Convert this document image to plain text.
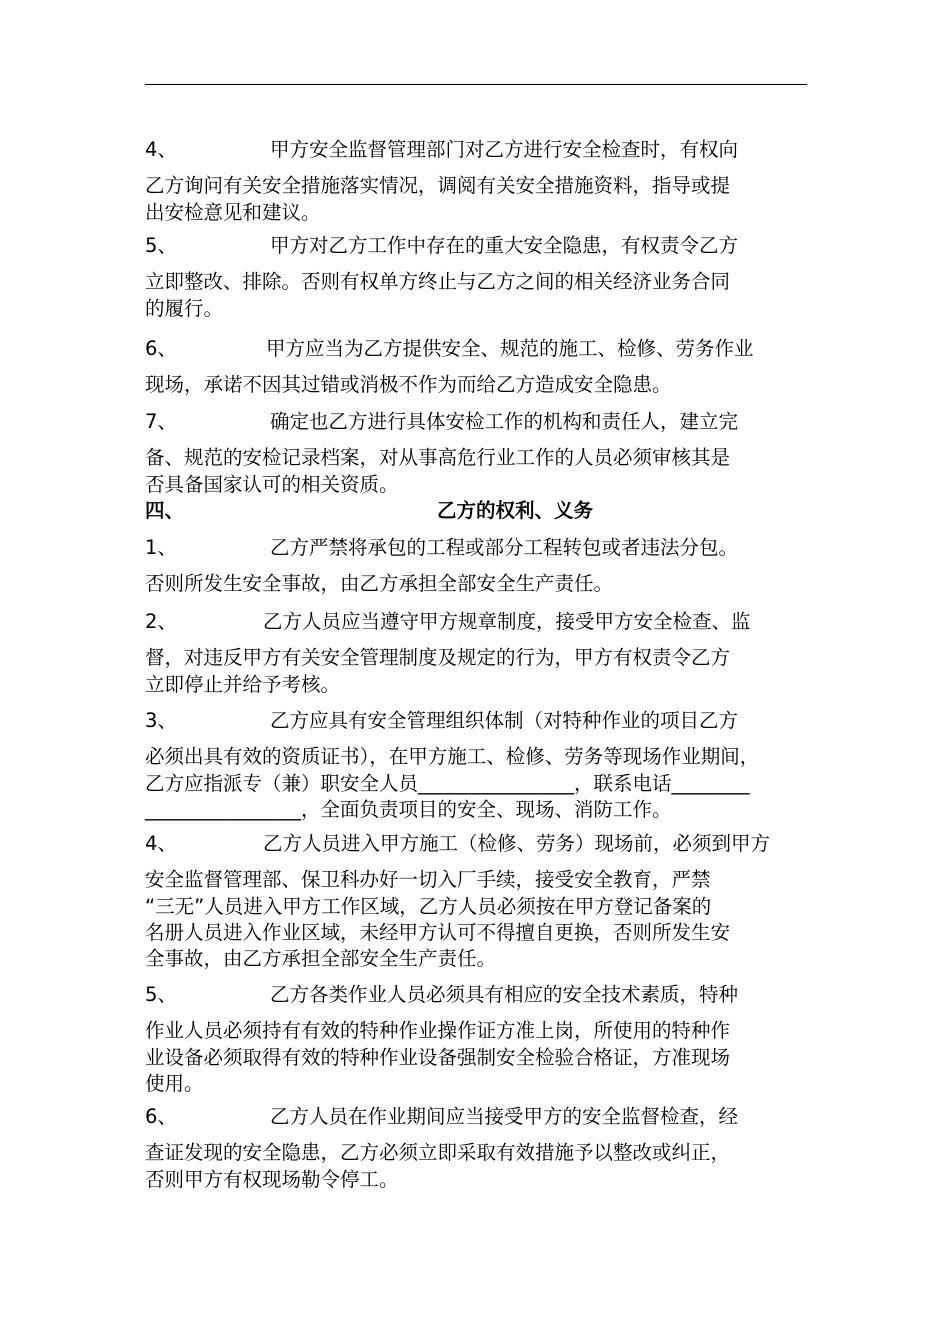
4、	甲方安全监督管理部门对乙方进行安全检查时，有权向
乙方询问有关安全措施落实情况，调阅有关安全措施资料，指导或提
出安检意见和建议。
5、	甲方对乙方工作中存在的重大安全隐患，有权责令乙方
立即整改、排除。否则有权单方终止与乙方之间的相关经济业务合同
的履行。
6、	甲方应当为乙方提供安全、规范的施工、检修、劳务作业
现场，承诺不因其过错或消极不作为而给乙方造成安全隐患。
7、	确定也乙方进行具体安检工作的机构和责任人，建立完
备、规范的安检记录档案，对从事高危行业工作的人员必须审核其是
否具备国家认可的相关资质。
四、	乙方的权利、义务
1、	乙方严禁将承包的工程或部分工程转包或者违法分包。
否则所发生安全事故，由乙方承担全部安全生产责任。
2、	乙方人员应当遵守甲方规章制度，接受甲方安全检查、监
督，对违反甲方有关安全管理制度及规定的行为，甲方有权责令乙方
立即停止并给予考核。
3、	乙方应具有安全管理组织体制（对特种作业的项目乙方
必须出具有效的资质证书），在甲方施工、检修、劳务等现场作业期间，
乙方应指派专（兼）职安全人员________________，联系电话________
________________，全面负责项目的安全、现场、消防工作。
4、	乙方人员进入甲方施工（检修、劳务）现场前，必须到甲方
安全监督管理部、保卫科办好一切入厂手续，接受安全教育，严禁
“三无”人员进入甲方工作区域，乙方人员必须按在甲方登记备案的
名册人员进入作业区域，未经甲方认可不得擅自更换，否则所发生安
全事故，由乙方承担全部安全生产责任。
5、	乙方各类作业人员必须具有相应的安全技术素质，特种
作业人员必须持有有效的特种作业操作证方准上岗，所使用的特种作
业设备必须取得有效的特种作业设备强制安全检验合格证，方准现场
使用。
6、	乙方人员在作业期间应当接受甲方的安全监督检查，经
查证发现的安全隐患，乙方必须立即采取有效措施予以整改或纠正，
否则甲方有权现场勒令停工。
